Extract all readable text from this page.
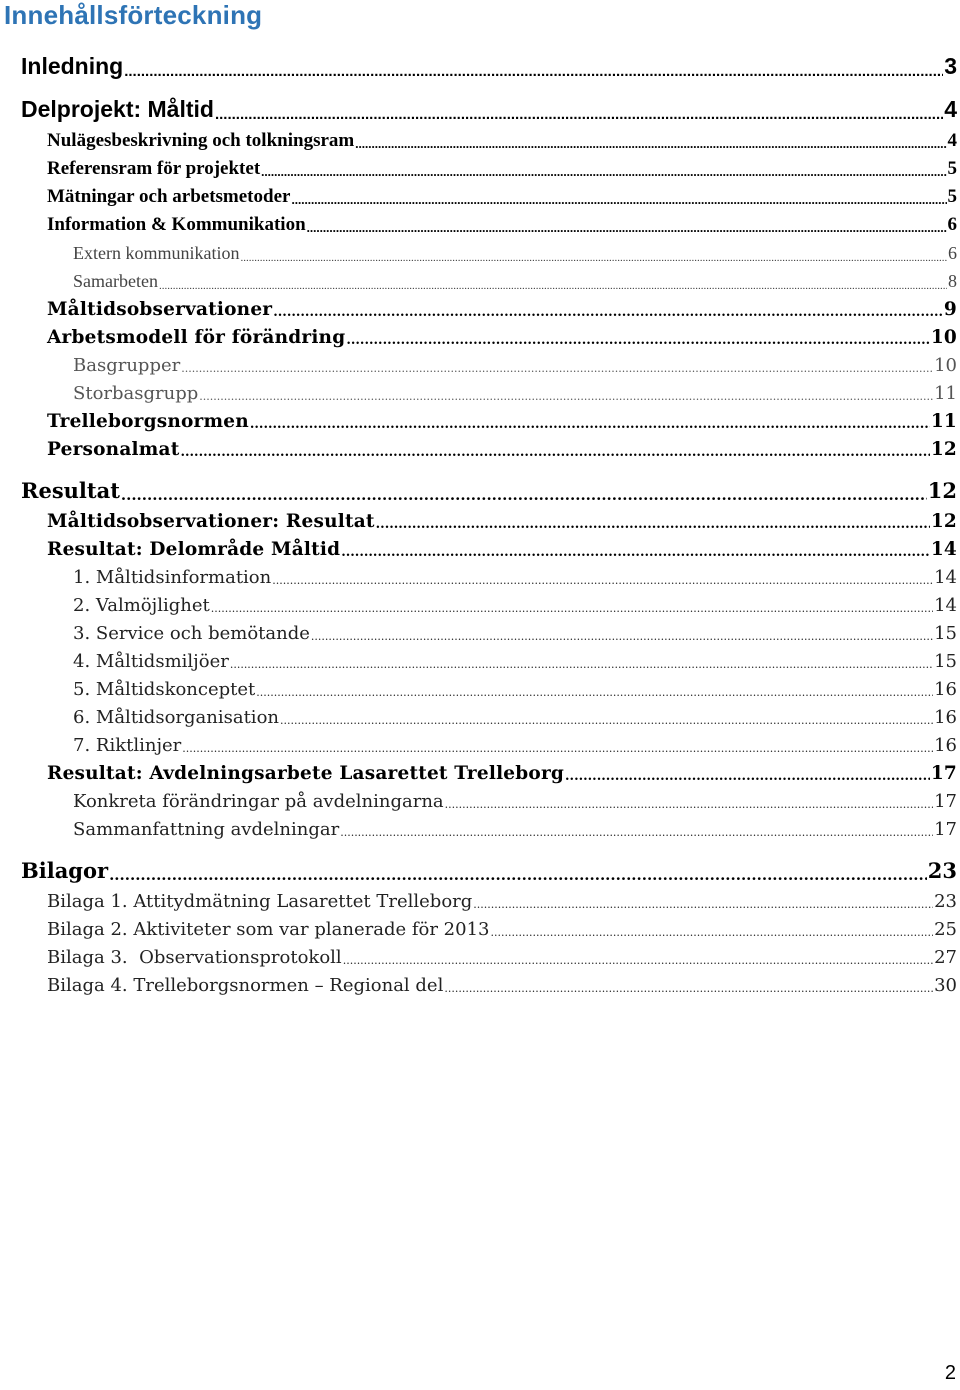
Innehållsförteckning
Inledning .....	3
Delprojekt: Måltid .....	4
Nulägesbeskrivning och tolkningsram .....	4
Referensram för projektet .....	5
Mätningar och arbetsmetoder .....	5
Information & Kommunikation .....	6
Extern kommunikation .....	6
Samarbeten .....	8
Måltidsobservationer .....	9
Arbetsmodell för förändring .....	10
Basgrupper .....	10
Storbasgrupp .....	11
Trelleborgsnormen .....	11
Personalmat .....	12
Resultat .....	12
Måltidsobservationer: Resultat .....	12
Resultat: Delområde Måltid .....	14
1. Måltidsinformation .....	14
2. Valmöjlighet .....	14
3. Service och bemötande .....	15
4. Måltidsmiljöer .....	15
5. Måltidskonceptet .....	16
6. Måltidsorganisation .....	16
7. Riktlinjer .....	16
Resultat: Avdelningsarbete Lasarettet Trelleborg .....	17
Konkreta förändringar på avdelningarna .....	17
Sammanfattning avdelningar .....	17
Bilagor .....	23
Bilaga 1. Attitydmätning Lasarettet Trelleborg .....	23
Bilaga 2. Aktiviteter som var planerade för 2013 .....	25
Bilaga 3.  Observationsprotokoll .....	27
Bilaga 4. Trelleborgsnormen – Regional del .....	30
2
